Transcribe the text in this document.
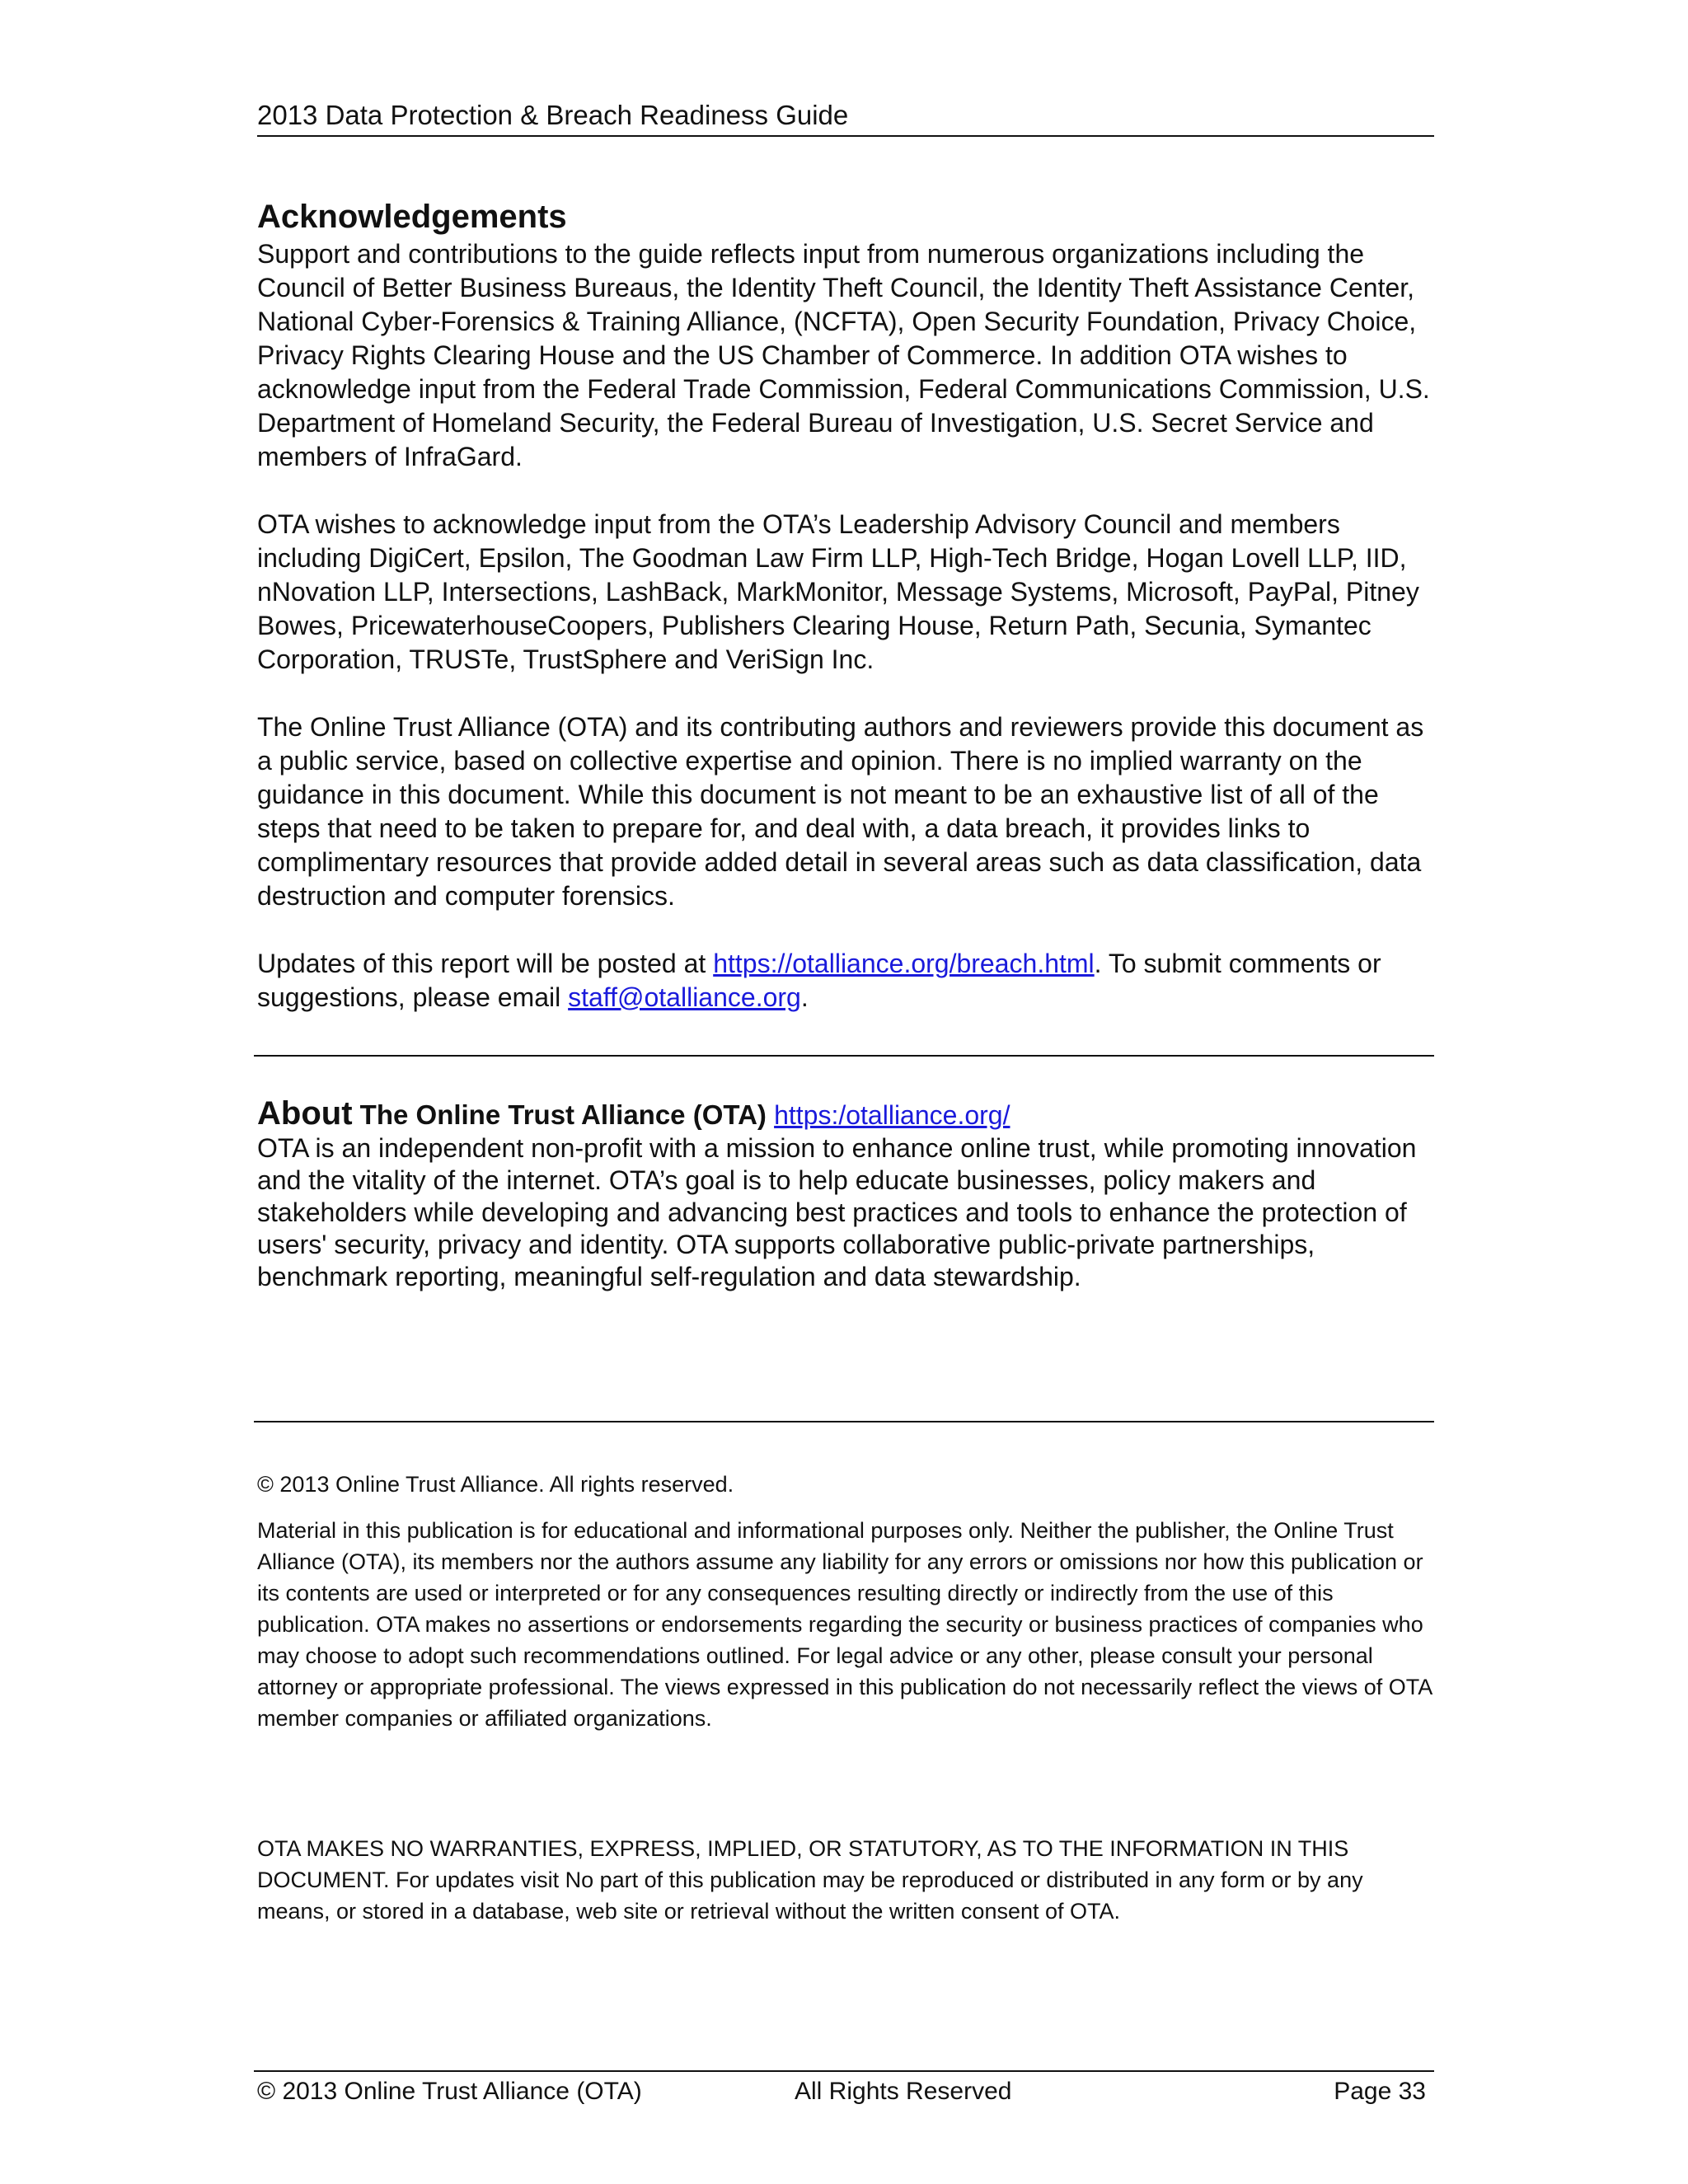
2013 Data Protection & Breach Readiness Guide
Acknowledgements

Support and contributions to the guide reflects input from numerous organizations including the Council of Better Business Bureaus, the Identity Theft Council, the Identity Theft Assistance Center, National Cyber-Forensics & Training Alliance, (NCFTA), Open Security Foundation, Privacy Choice, Privacy Rights Clearing House and the US Chamber of Commerce. In addition OTA wishes to acknowledge input from the Federal Trade Commission, Federal Communications Commission, U.S. Department of Homeland Security, the Federal Bureau of Investigation, U.S. Secret Service and members of InfraGard.

OTA wishes to acknowledge input from the OTA’s Leadership Advisory Council and members including DigiCert, Epsilon, The Goodman Law Firm LLP, High-Tech Bridge, Hogan Lovell LLP, IID, nNovation LLP, Intersections, LashBack, MarkMonitor, Message Systems, Microsoft, PayPal, Pitney Bowes, PricewaterhouseCoopers, Publishers Clearing House, Return Path, Secunia, Symantec Corporation, TRUSTe, TrustSphere and VeriSign Inc.

The Online Trust Alliance (OTA) and its contributing authors and reviewers provide this document as a public service, based on collective expertise and opinion. There is no implied warranty on the guidance in this document. While this document is not meant to be an exhaustive list of all of the steps that need to be taken to prepare for, and deal with, a data breach, it provides links to complimentary resources that provide added detail in several areas such as data classification, data destruction and computer forensics.

Updates of this report will be posted at https://otalliance.org/breach.html. To submit comments or suggestions, please email staff@otalliance.org.

About The Online Trust Alliance (OTA) https:/otalliance.org/

OTA is an independent non-profit with a mission to enhance online trust, while promoting innovation and the vitality of the internet. OTA’s goal is to help educate businesses, policy makers and stakeholders while developing and advancing best practices and tools to enhance the protection of users' security, privacy and identity. OTA supports collaborative public-private partnerships, benchmark reporting, meaningful self-regulation and data stewardship.

© 2013 Online Trust Alliance. All rights reserved.

Material in this publication is for educational and informational purposes only. Neither the publisher, the Online Trust Alliance (OTA), its members nor the authors assume any liability for any errors or omissions nor how this publication or its contents are used or interpreted or for any consequences resulting directly or indirectly from the use of this publication. OTA makes no assertions or endorsements regarding the security or business practices of companies who may choose to adopt such recommendations outlined. For legal advice or any other, please consult your personal attorney or appropriate professional. The views expressed in this publication do not necessarily reflect the views of OTA member companies or affiliated organizations.

OTA MAKES NO WARRANTIES, EXPRESS, IMPLIED, OR STATUTORY, AS TO THE INFORMATION IN THIS DOCUMENT. For updates visit No part of this publication may be reproduced or distributed in any form or by any means, or stored in a database, web site or retrieval without the written consent of OTA.

© 2013 Online Trust Alliance (OTA)	All Rights Reserved	Page 33
